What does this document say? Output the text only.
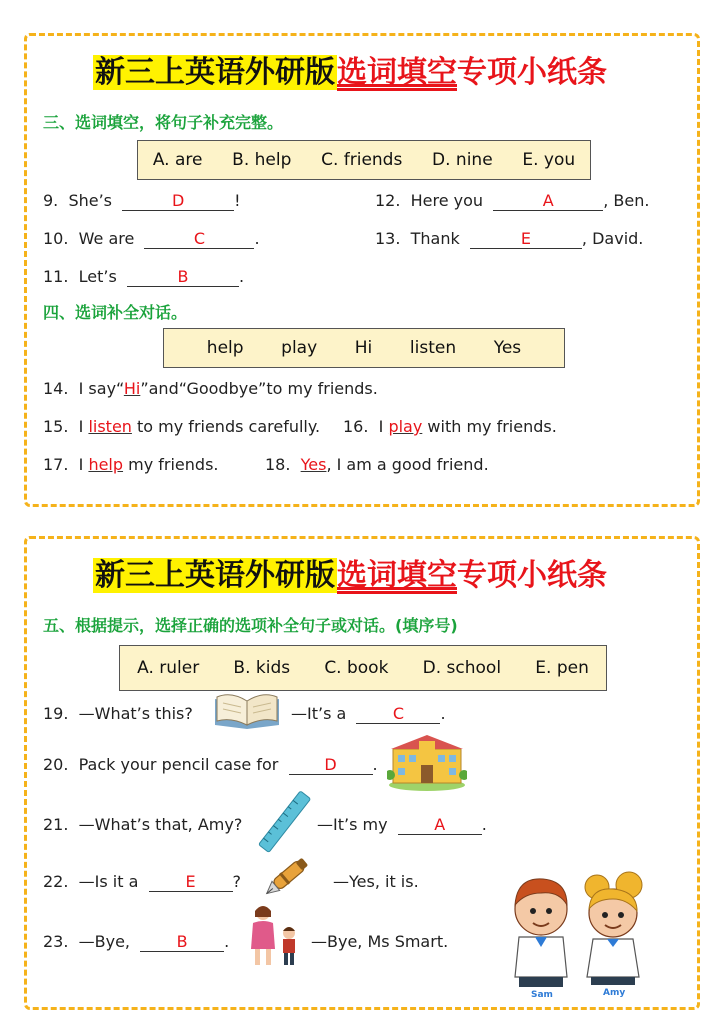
新三上英语外研版选词填空专项小纸条
三、选词填空，将句子补充完整。
A. are B. help C. friends D. nine E. you
9. She’s	D	!	12. Here you	A	, Ben.
10. We are	C	.	13. Thank	E	, David.
11. Let’s	B	.
四、选词补全对话。
help play Hi listen Yes
14. I say“Hi”and“Goodbye”to my friends.
15. I listen to my friends carefully. 16. I play with my friends.
17. I help my friends.	18. Yes, I am a good friend.
新三上英语外研版选词填空专项小纸条
五、根据提示，选择正确的选项补全句子或对话。(填序号)
A. ruler B. kids C. book D. school E. pen
19. —What’s this?	—It’s a	C .
20. Pack your pencil case for	D .
21. —What’s that, Amy?	—It’s my	A .
22. —Is it a	E ?	—Yes, it is.
23. —Bye,	B .	—Bye, Ms Smart.
Sam	Amy
